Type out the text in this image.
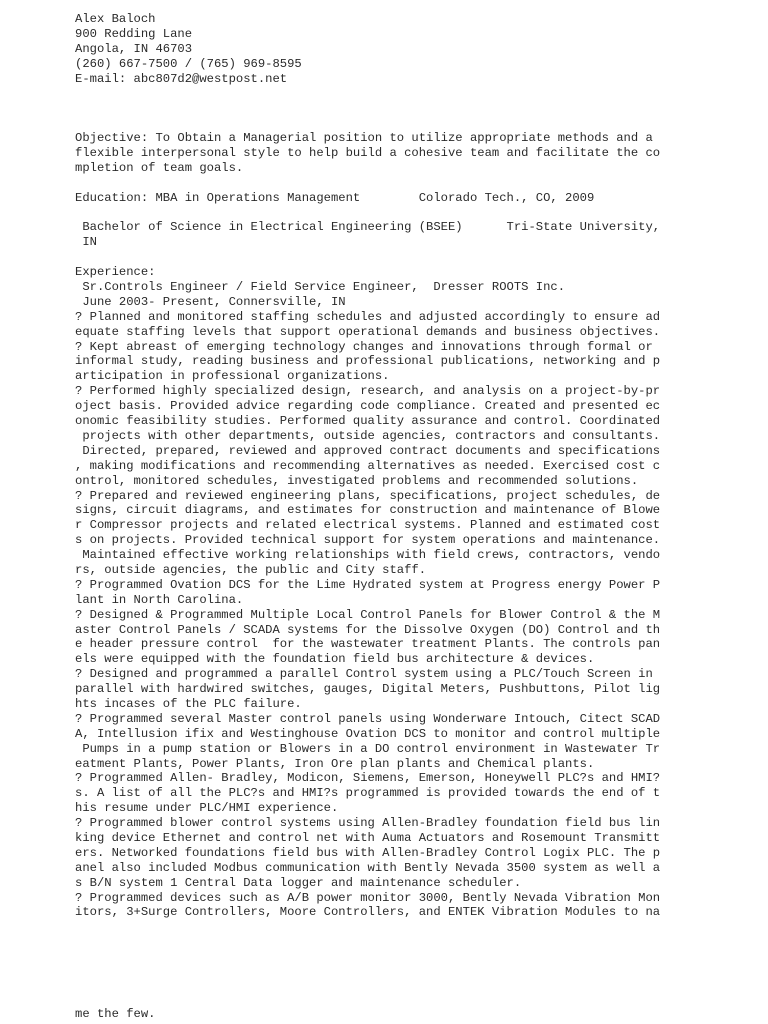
Alex Baloch
900 Redding Lane
Angola, IN 46703
(260) 667-7500 / (765) 969-8595
E-mail: abc807d2@westpost.net
Objective: To Obtain a Managerial position to utilize appropriate methods and a
flexible interpersonal style to help build a cohesive team and facilitate the co
mpletion of team goals.
Education: MBA in Operations Management        Colorado Tech., CO, 2009
Bachelor of Science in Electrical Engineering (BSEE)      Tri-State University,
IN
Experience:
Sr.Controls Engineer / Field Service Engineer,  Dresser ROOTS Inc.
June 2003- Present, Connersville, IN
? Planned and monitored staffing schedules and adjusted accordingly to ensure ad
equate staffing levels that support operational demands and business objectives.
? Kept abreast of emerging technology changes and innovations through formal or
informal study, reading business and professional publications, networking and p
articipation in professional organizations.
? Performed highly specialized design, research, and analysis on a project-by-pr
oject basis. Provided advice regarding code compliance. Created and presented ec
onomic feasibility studies. Performed quality assurance and control. Coordinated
projects with other departments, outside agencies, contractors and consultants.
Directed, prepared, reviewed and approved contract documents and specifications
, making modifications and recommending alternatives as needed. Exercised cost c
ontrol, monitored schedules, investigated problems and recommended solutions.
? Prepared and reviewed engineering plans, specifications, project schedules, de
signs, circuit diagrams, and estimates for construction and maintenance of Blowe
r Compressor projects and related electrical systems. Planned and estimated cost
s on projects. Provided technical support for system operations and maintenance.
Maintained effective working relationships with field crews, contractors, vendo
rs, outside agencies, the public and City staff.
? Programmed Ovation DCS for the Lime Hydrated system at Progress energy Power P
lant in North Carolina.
? Designed & Programmed Multiple Local Control Panels for Blower Control & the M
aster Control Panels / SCADA systems for the Dissolve Oxygen (DO) Control and th
e header pressure control  for the wastewater treatment Plants. The controls pan
els were equipped with the foundation field bus architecture & devices.
? Designed and programmed a parallel Control system using a PLC/Touch Screen in
parallel with hardwired switches, gauges, Digital Meters, Pushbuttons, Pilot lig
hts incases of the PLC failure.
? Programmed several Master control panels using Wonderware Intouch, Citect SCAD
A, Intellusion ifix and Westinghouse Ovation DCS to monitor and control multiple
Pumps in a pump station or Blowers in a DO control environment in Wastewater Tr
eatment Plants, Power Plants, Iron Ore plan plants and Chemical plants.
? Programmed Allen- Bradley, Modicon, Siemens, Emerson, Honeywell PLC?s and HMI?
s. A list of all the PLC?s and HMI?s programmed is provided towards the end of t
his resume under PLC/HMI experience.
? Programmed blower control systems using Allen-Bradley foundation field bus lin
king device Ethernet and control net with Auma Actuators and Rosemount Transmitt
ers. Networked foundations field bus with Allen-Bradley Control Logix PLC. The p
anel also included Modbus communication with Bently Nevada 3500 system as well a
s B/N system 1 Central Data logger and maintenance scheduler.
? Programmed devices such as A/B power monitor 3000, Bently Nevada Vibration Mon
itors, 3+Surge Controllers, Moore Controllers, and ENTEK Vibration Modules to na
me the few.
